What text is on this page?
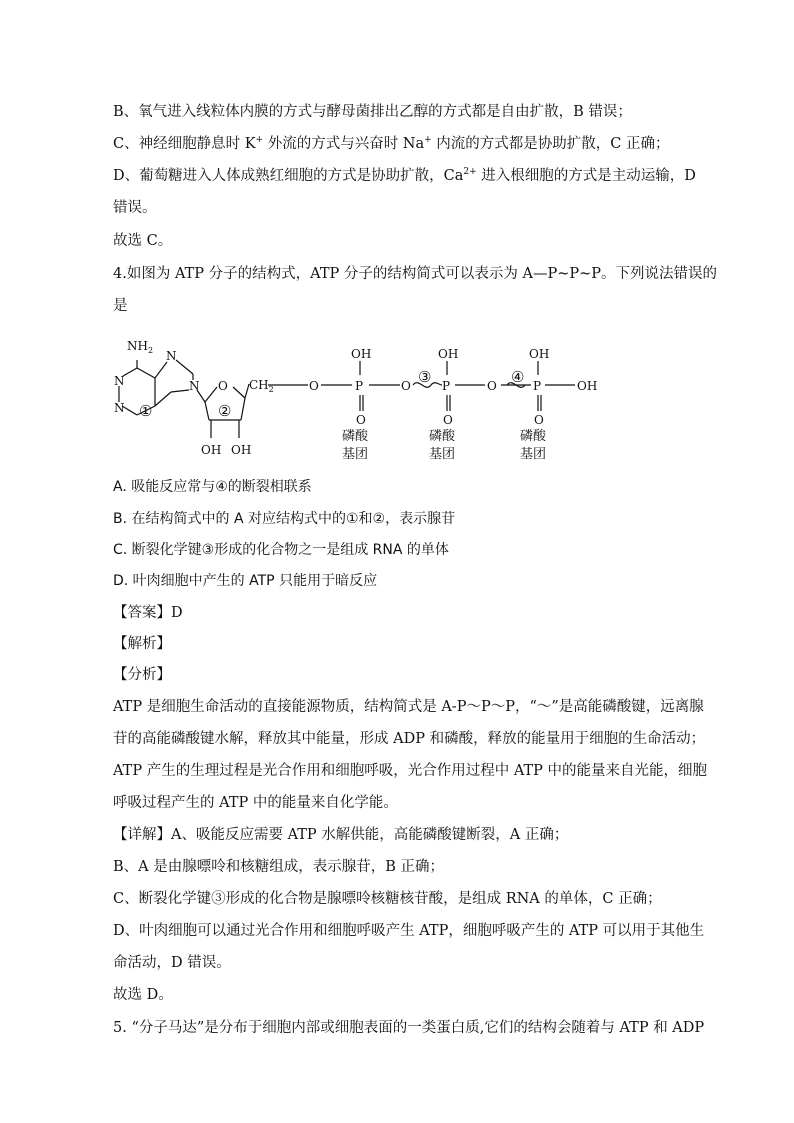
B、氧气进入线粒体内膜的方式与酵母菌排出乙醇的方式都是自由扩散，B 错误；
C、神经细胞静息时 K+ 外流的方式与兴奋时 Na+ 内流的方式都是协助扩散，C 正确；
D、葡萄糖进入人体成熟红细胞的方式是协助扩散，$Ca^{2+}$ 进入根细胞的方式是主动运输，D
错误。
故选 C。
4.如图为 ATP 分子的结构式，ATP 分子的结构简式可以表示为 A—P~P~P。下列说法错误的
是
$NH_2$ N
N
N
N O
①	②
OH OH
$CH_2$	O	P
OH
O
磷酸
基团
O ③ P
OH
O
磷酸
基团
O ④ P
OH
O
OH
磷酸
基团
A. 吸能反应常与④的断裂相联系
B. 在结构简式中的 A 对应结构式中的①和②，表示腺苷
C. 断裂化学键③形成的化合物之一是组成 RNA 的单体
D. 叶肉细胞中产生的 ATP 只能用于暗反应
【答案】D
【解析】
【分析】
ATP 是细胞生命活动的直接能源物质，结构简式是 A-P～P～P，“～”是高能磷酸键，远离腺
苷的高能磷酸键水解，释放其中能量，形成 ADP 和磷酸，释放的能量用于细胞的生命活动；
ATP 产生的生理过程是光合作用和细胞呼吸，光合作用过程中 ATP 中的能量来自光能，细胞
呼吸过程产生的 ATP 中的能量来自化学能。
【详解】A、吸能反应需要 ATP 水解供能，高能磷酸键断裂，A 正确；
B、A 是由腺嘌呤和核糖组成，表示腺苷，B 正确；
C、断裂化学键③形成的化合物是腺嘌呤核糖核苷酸，是组成 RNA 的单体，C 正确；
D、叶肉细胞可以通过光合作用和细胞呼吸产生 ATP，细胞呼吸产生的 ATP 可以用于其他生
命活动，D 错误。
故选 D。
5. “分子马达”是分布于细胞内部或细胞表面的一类蛋白质,它们的结构会随着与 ATP 和 ADP
